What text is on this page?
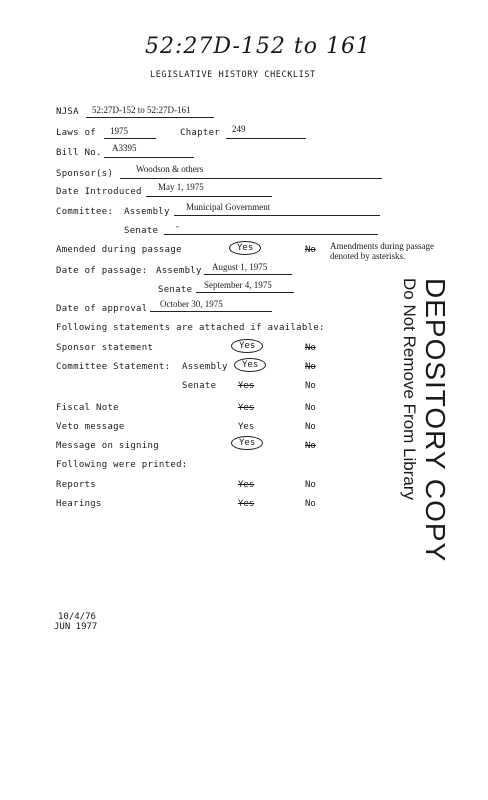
52:27D-152 to 161
LEGISLATIVE HISTORY CHECKLIST
NJSA 52:27D-152 to 52:27D-161
Laws of 1975	Chapter 249
Bill No. A3395
Sponsor(s)	Woodson & others
Date Introduced May 1, 1975
Committee: Assembly Municipal Government
Senate -
Amended during passage	Yes	No Amendments during passage denoted by asterisks.
Date of passage: Assembly August 1, 1975
Senate September 4, 1975
Date of approval October 30, 1975
Following statements are attached if available:
Sponsor statement	Yes	No
Committee Statement: Assembly	Yes	No
Senate Yes	No
Fiscal Note	Yes	No
Veto message	Yes	No
Message on signing	Yes	No
Following were printed:
Reports	Yes	No
Hearings	Yes	No	DEPOSITORY COPY
Do Not Remove From Library
10/4/76
JUN 1977
